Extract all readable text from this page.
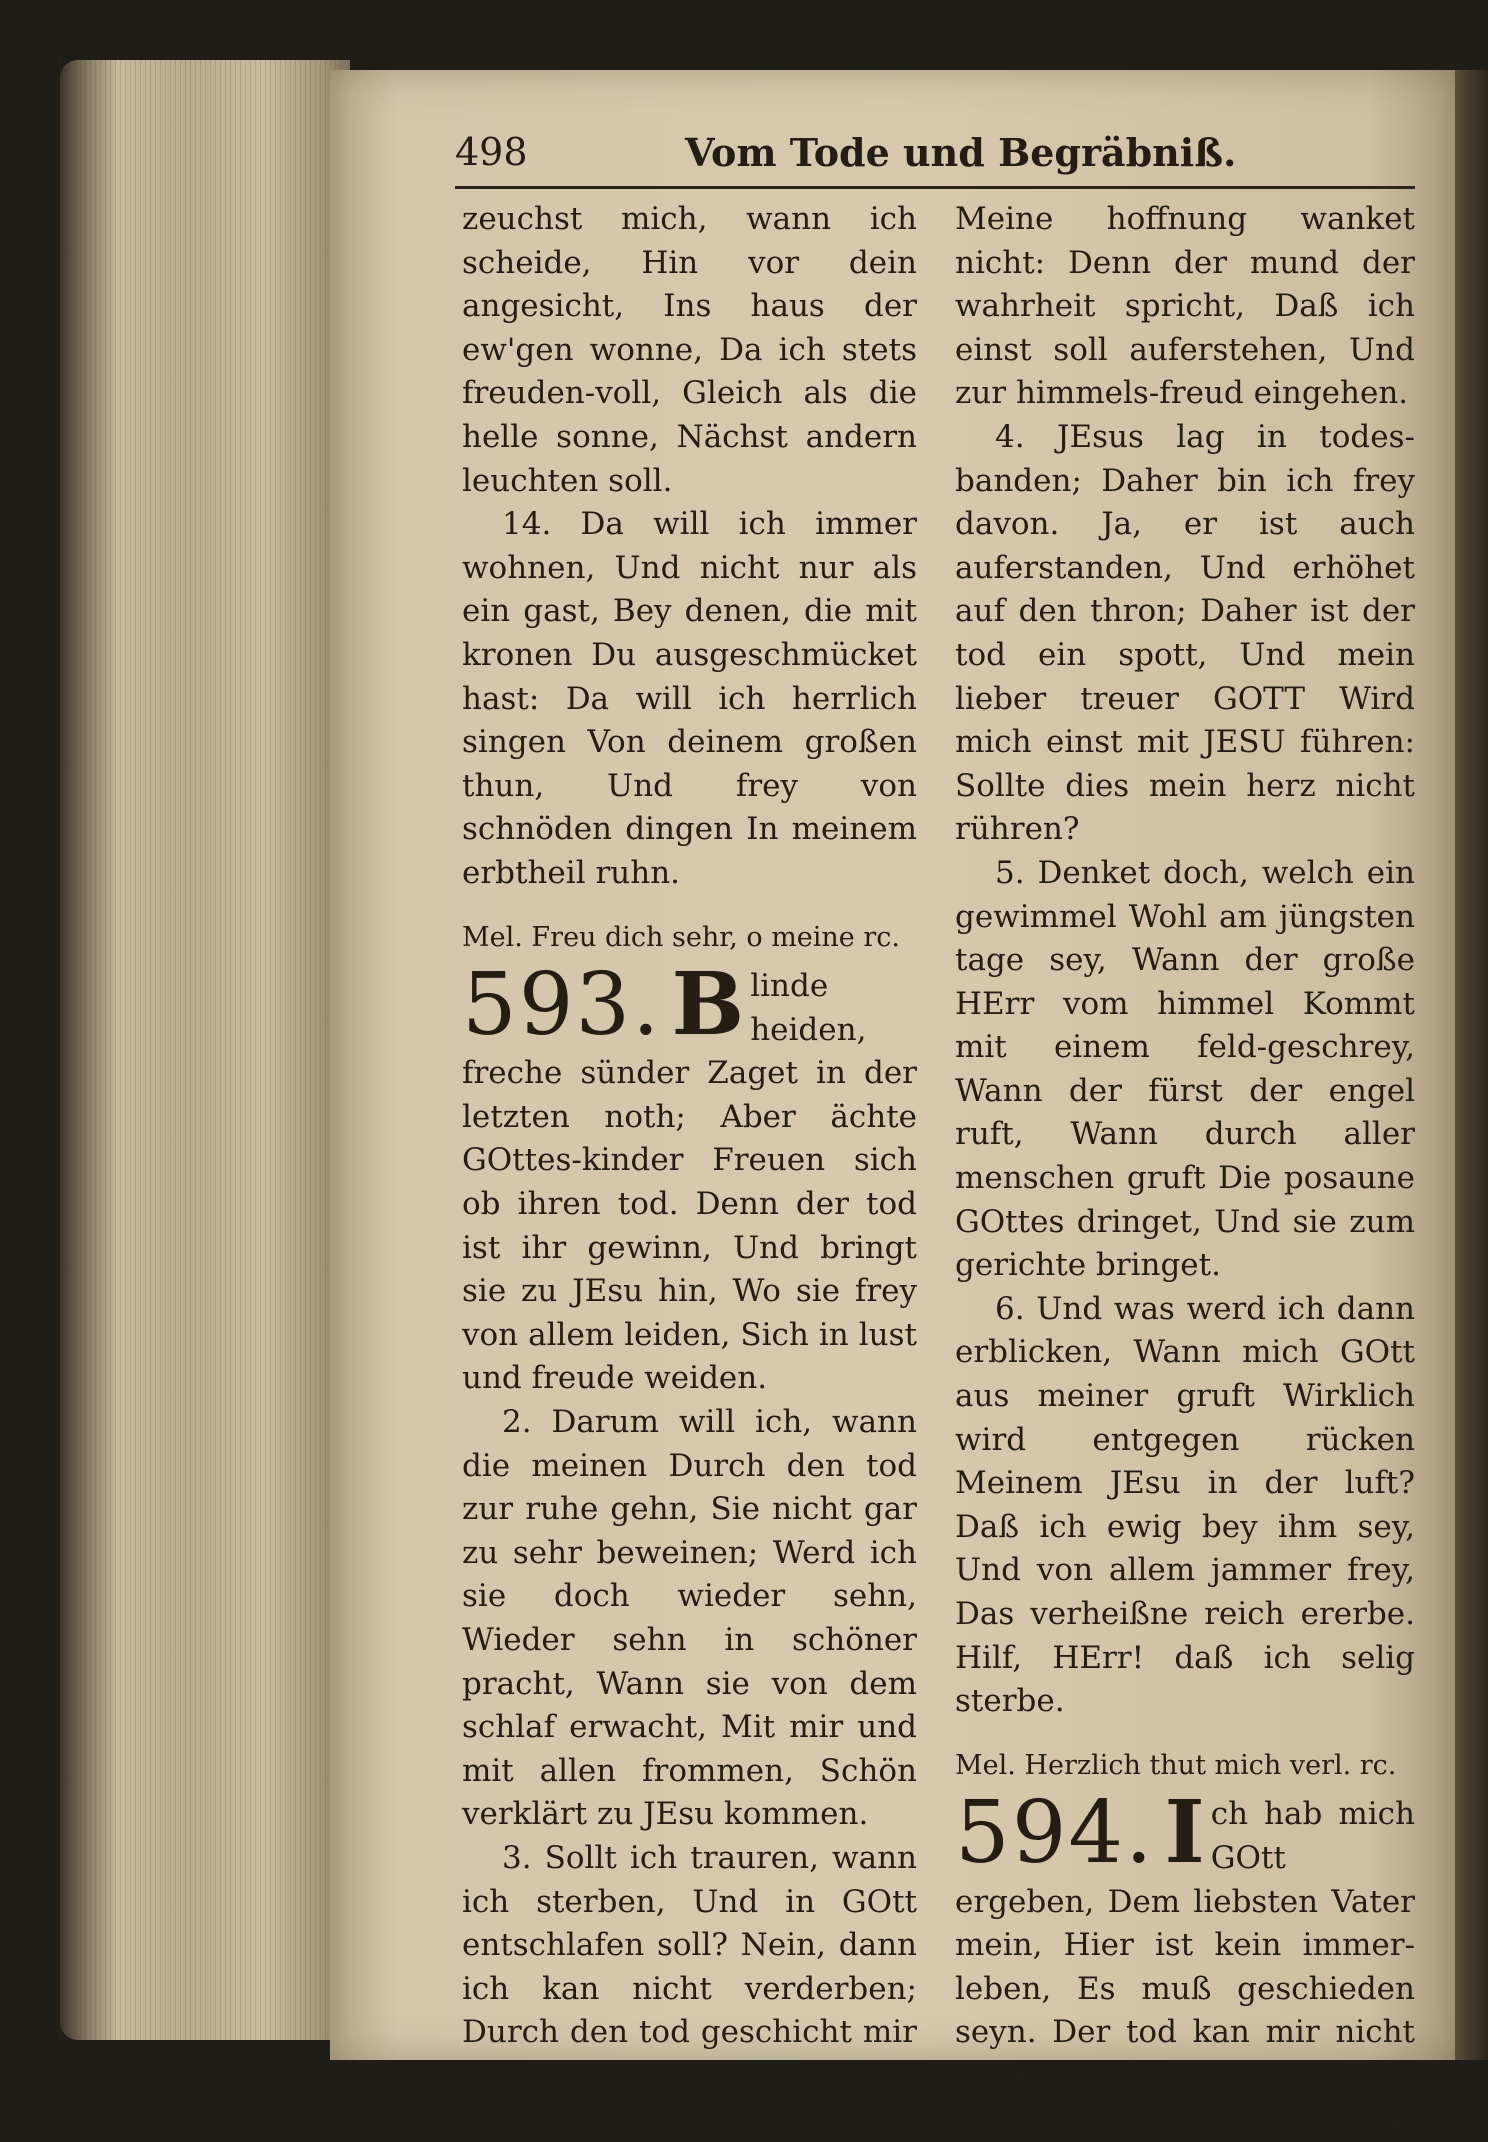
498	Vom Tode und Begräbniß.

zeuchst mich, wann ich scheide, Hin vor dein angesicht, Ins haus der ew'gen wonne, Da ich stets freuden-voll, Gleich als die helle sonne, Nächst andern leuchten soll.

14. Da will ich immer wohnen, Und nicht nur als ein gast, Bey denen, die mit kronen Du ausgeschmücket hast: Da will ich herrlich singen Von deinem großen thun, Und frey von schnöden dingen In meinem erbtheil ruhn.

Mel. Freu dich sehr, o meine rc.

593. B linde heiden, freche sünder Zaget in der letzten noth; Aber ächte GOttes-kinder Freuen sich ob ihren tod. Denn der tod ist ihr gewinn, Und bringt sie zu JEsu hin, Wo sie frey von allem leiden, Sich in lust und freude weiden.

2. Darum will ich, wann die meinen Durch den tod zur ruhe gehn, Sie nicht gar zu sehr beweinen; Werd ich sie doch wieder sehn, Wieder sehn in schöner pracht, Wann sie von dem schlaf erwacht, Mit mir und mit allen frommen, Schön verklärt zu JEsu kommen.

3. Sollt ich trauren, wann ich sterben, Und in GOtt entschlafen soll? Nein, dann ich kan nicht verderben; Durch den tod geschicht mir wohl.

Meine hoffnung wanket nicht: Denn der mund der wahrheit spricht, Daß ich einst soll auferstehen, Und zur himmels-freud eingehen.

4. JEsus lag in todes-banden; Daher bin ich frey davon. Ja, er ist auch auferstanden, Und erhöhet auf den thron; Daher ist der tod ein spott, Und mein lieber treuer GOTT Wird mich einst mit JESU führen: Sollte dies mein herz nicht rühren?

5. Denket doch, welch ein gewimmel Wohl am jüngsten tage sey, Wann der große HErr vom himmel Kommt mit einem feld-geschrey, Wann der fürst der engel ruft, Wann durch aller menschen gruft Die posaune GOttes dringet, Und sie zum gerichte bringet.

6. Und was werd ich dann erblicken, Wann mich GOtt aus meiner gruft Wirklich wird entgegen rücken Meinem JEsu in der luft? Daß ich ewig bey ihm sey, Und von allem jammer frey, Das verheißne reich ererbe. Hilf, HErr! daß ich selig sterbe.

Mel. Herzlich thut mich verl. rc.

594. I ch hab mich GOtt ergeben, Dem liebsten Vater mein, Hier ist kein immer-leben, Es muß geschieden seyn. Der tod kan mir nicht schaden, Er

ist
